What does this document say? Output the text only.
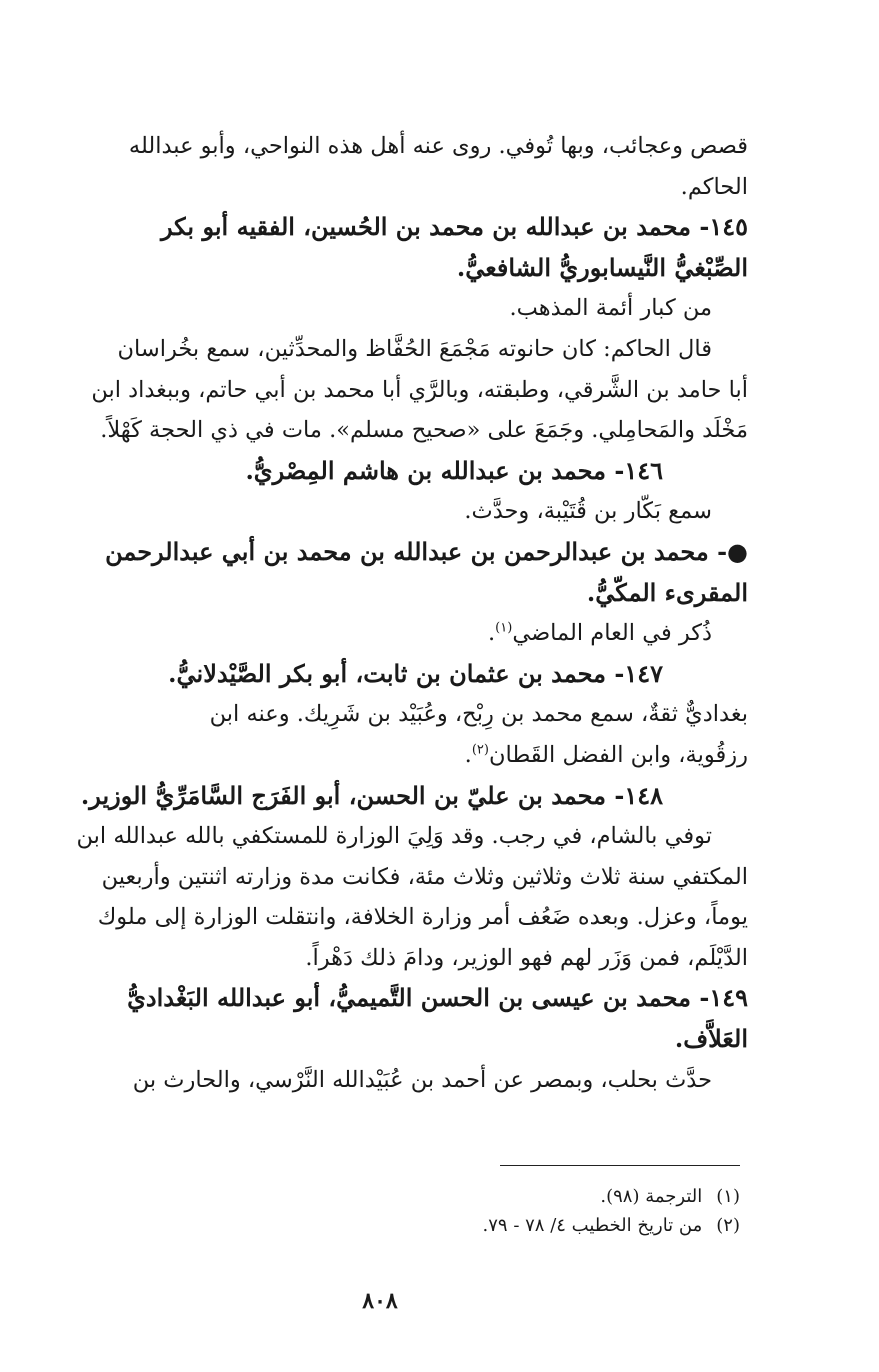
قصص وعجائب، وبها تُوفي. روى عنه أهل هذه النواحي، وأبو عبدالله
الحاكم.
١٤٥- محمد بن عبدالله بن محمد بن الحُسين، الفقيه أبو بكر
الصِّبْغيُّ النَّيسابوريُّ الشافعيُّ.
من كبار أئمة المذهب.
قال الحاكم: كان حانوته مَجْمَعَ الحُفَّاظ والمحدِّثين، سمع بخُراسان
أبا حامد بن الشَّرقي، وطبقته، وبالرَّي أبا محمد بن أبي حاتم، وببغداد ابن
مَخْلَد والمَحامِلي. وجَمَعَ على «صحيح مسلم». مات في ذي الحجة كَهْلاً.
١٤٦- محمد بن عبدالله بن هاشم المِصْريُّ.
سمع بَكّار بن قُتَيْبة، وحدَّث.
●- محمد بن عبدالرحمن بن عبدالله بن محمد بن أبي عبدالرحمن
المقرىء المكّيُّ.
ذُكر في العام الماضي$^{(١)}$.
١٤٧- محمد بن عثمان بن ثابت، أبو بكر الصَّيْدلانيُّ.
بغداديٌّ ثقةٌ، سمع محمد بن رِبْح، وعُبَيْد بن شَرِيك. وعنه ابن
رزقُوية، وابن الفضل القَطان$^{(٢)}$.
١٤٨- محمد بن عليّ بن الحسن، أبو الفَرَج السَّامَرِّيُّ الوزير.
توفي بالشام، في رجب. وقد وَلِيَ الوزارة للمستكفي بالله عبدالله ابن
المكتفي سنة ثلاث وثلاثين وثلاث مئة، فكانت مدة وزارته اثنتين وأربعين
يوماً، وعزل. وبعده ضَعُف أمر وزارة الخلافة، وانتقلت الوزارة إلى ملوك
الدَّيْلَم، فمن وَزَر لهم فهو الوزير، ودامَ ذلك دَهْراً.
١٤٩- محمد بن عيسى بن الحسن التَّميميُّ، أبو عبدالله البَغْداديُّ
العَلاَّف.
حدَّث بحلب، وبمصر عن أحمد بن عُبَيْدالله النَّرْسي، والحارث بن
(١)الترجمة (٩٨).
(٢)من تاريخ الخطيب ٤/ ٧٨ - ٧٩.
٨٠٨
